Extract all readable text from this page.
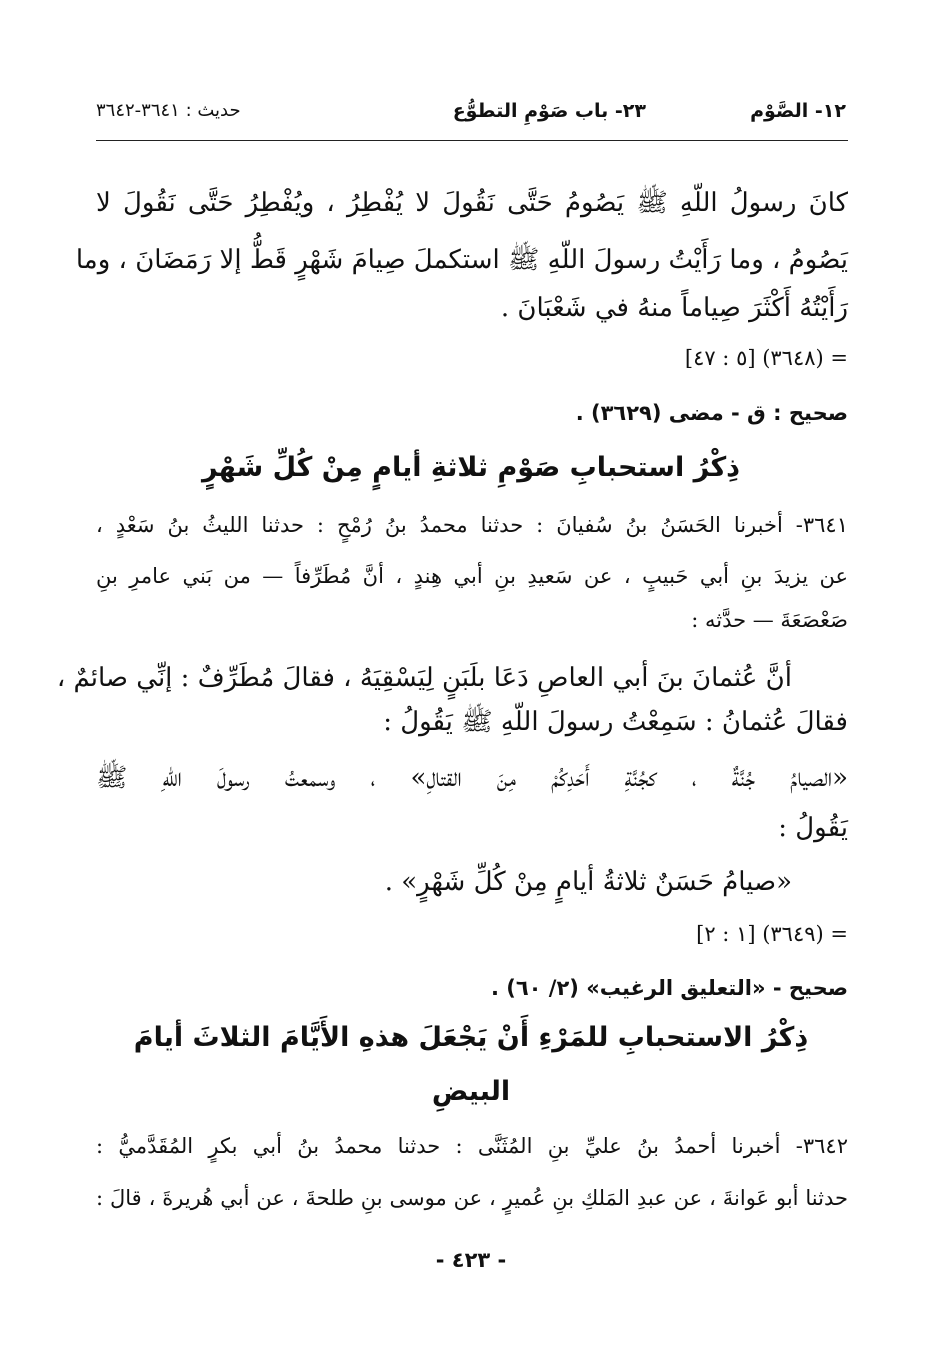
١٢- الصَّوْم
٢٣- باب صَوْمِ التطوُّع
حديث : ٣٦٤١-٣٦٤٢
كانَ رسولُ اللّهِ ﷺ يَصُومُ حَتَّى نَقُولَ لا يُفْطِرُ ، ويُفْطِرُ حَتَّى نَقُولَ لا
يَصُومُ ، وما رَأَيْتُ رسولَ اللّهِ ﷺ استكملَ صِيامَ شَهْرٍ قَطُّ إلا رَمَضَانَ ، وما
رَأَيْتُهُ أَكْثَرَ صِياماً منهُ في شَعْبَانَ .
= (٣٦٤٨) [٥ : ٤٧]
صحيح : ق - مضى (٣٦٢٩) .
ذِكْرُ استحبابِ صَوْمِ ثلاثةِ أيامٍ مِنْ كُلِّ شَهْرٍ
٣٦٤١- أخبرنا الحَسَنُ بنُ سُفيانَ : حدثنا محمدُ بنُ رُمْحٍ : حدثنا الليثُ بنُ سَعْدٍ ،
عن يزيدَ بنِ أبي حَبيبٍ ، عن سَعيدِ بنِ أبي هِندٍ ، أنَّ مُطَرِّفاً — من بَني عامرِ بنِ
صَعْصَعَةَ — حدَّثه :
أنَّ عُثمانَ بنَ أبي العاصِ دَعَا بلَبَنٍ لِيَسْقِيَهُ ، فقالَ مُطَرِّفٌ : إنِّي صائمٌ ،
فقالَ عُثمانُ : سَمِعْتُ رسولَ اللّهِ ﷺ يَقُولُ :
«الصيامُ جُنَّةٌ ، كجُنَّةِ أَحَدِكُمْ مِنَ القتالِ» ، وسمعتُ رسولَ اللّهِ ﷺ
يَقُولُ :
«صيامُ حَسَنٌ ثلاثةُ أيامٍ مِنْ كُلِّ شَهْرٍ» .
= (٣٦٤٩) [١ : ٢]
صحيح - «التعليق الرغيب» (٢/ ٦٠) .
ذِكْرُ الاستحبابِ للمَرْءِ أَنْ يَجْعَلَ هذهِ الأَيَّامَ الثلاثَ أيامَ
البيضِ
٣٦٤٢- أخبرنا أحمدُ بنُ عليِّ بنِ المُثَنَّى : حدثنا محمدُ بنُ أبي بكرٍ المُقَدَّميُّ :
حدثنا أبو عَوانةَ ، عن عبدِ المَلكِ بنِ عُميرٍ ، عن موسى بنِ طلحةَ ، عن أبي هُريرةَ ، قالَ :
- ٤٢٣ -
